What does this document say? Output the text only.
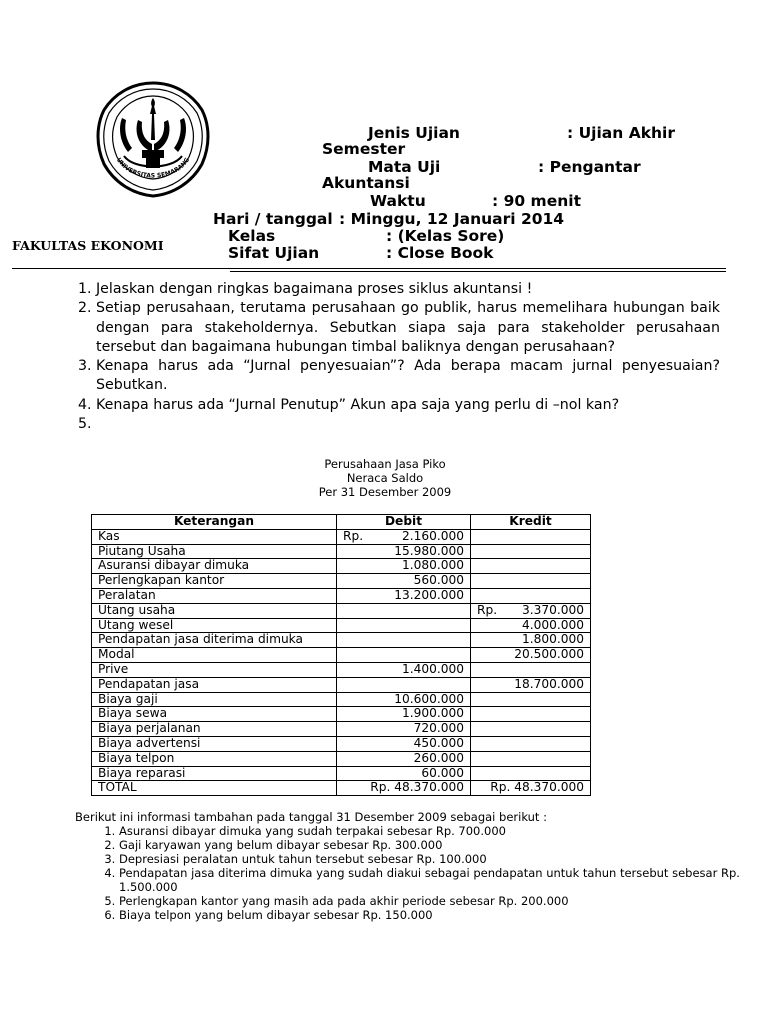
UNIVERSITAS SEMARANG
Jenis Ujian	: Ujian Akhir
Semester
Mata Uji	: Pengantar
Akuntansi
Waktu	: 90 menit
Hari / tanggal : Minggu, 12 Januari 2014
Kelas	: (Kelas Sore)
Sifat Ujian	: Close Book
FAKULTAS EKONOMI
1. Jelaskan dengan ringkas bagaimana proses siklus akuntansi !
2. Setiap perusahaan, terutama perusahaan go publik, harus memelihara hubungan baik dengan para stakeholdernya. Sebutkan siapa saja para stakeholder perusahaan tersebut dan bagaimana hubungan timbal baliknya dengan perusahaan?
3. Kenapa harus ada “Jurnal penyesuaian”? Ada berapa macam jurnal penyesuaian? Sebutkan.
4. Kenapa harus ada “Jurnal Penutup” Akun apa saja yang perlu di –nol kan?
5.
Perusahaan Jasa Piko
Neraca Saldo
Per 31 Desember 2009
Keterangan	Debit	Kredit
Kas	Rp. 2.160.000	

Piutang Usaha	15.980.000	

Asuransi dibayar dimuka	1.080.000	

Perlengkapan kantor	560.000	

Peralatan	13.200.000	

Utang usaha		Rp. 3.370.000
Utang wesel		4.000.000
Pendapatan jasa diterima dimuka		1.800.000
Modal		20.500.000
Prive	1.400.000	

Pendapatan jasa		18.700.000
Biaya gaji	10.600.000	

Biaya sewa	1.900.000	

Biaya perjalanan	720.000	

Biaya advertensi	450.000	

Biaya telpon	260.000	

Biaya reparasi	60.000	

TOTAL	Rp. 48.370.000	Rp. 48.370.000
Berikut ini informasi tambahan pada tanggal 31 Desember 2009 sebagai berikut :
1. Asuransi dibayar dimuka yang sudah terpakai sebesar Rp. 700.000
2. Gaji karyawan yang belum dibayar sebesar Rp. 300.000
3. Depresiasi peralatan untuk tahun tersebut sebesar Rp. 100.000
4. Pendapatan jasa diterima dimuka yang sudah diakui sebagai pendapatan untuk tahun tersebut sebesar Rp. 1.500.000
5. Perlengkapan kantor yang masih ada pada akhir periode sebesar Rp. 200.000
6. Biaya telpon yang belum dibayar sebesar Rp. 150.000
